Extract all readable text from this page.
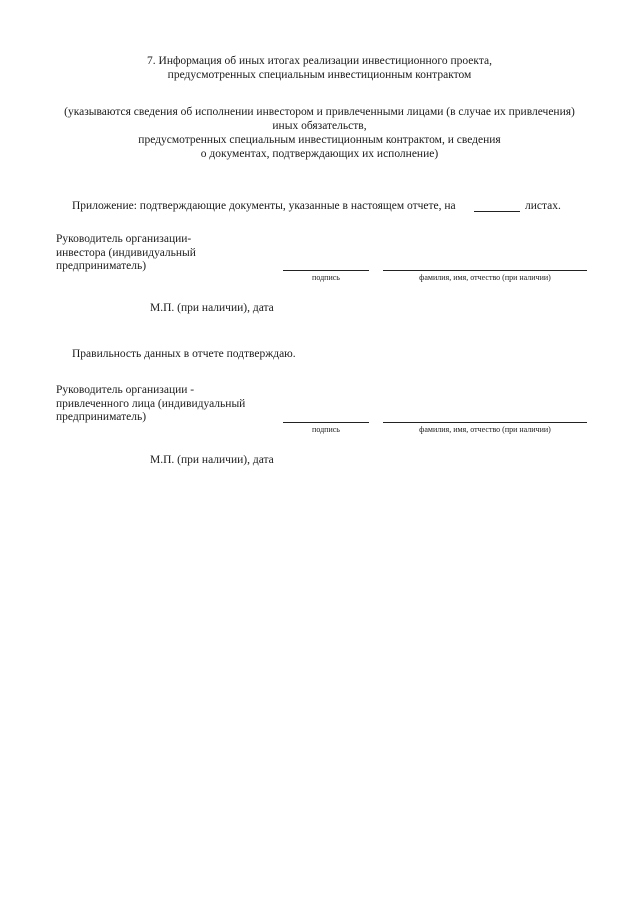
7. Информация об иных итогах реализации инвестиционного проекта,
предусмотренных специальным инвестиционным контрактом
(указываются сведения об исполнении инвестором и привлеченными лицами (в случае их привлечения)
иных обязательств,
предусмотренных специальным инвестиционным контрактом, и сведения
о документах, подтверждающих их исполнение)
Приложение: подтверждающие документы, указанные в настоящем отчете, на	листах.
Руководитель организации-
инвестора (индивидуальный
предприниматель)
подпись	фамилия, имя, отчество (при наличии)
М.П. (при наличии), дата
Правильность данных в отчете подтверждаю.
Руководитель организации -
привлеченного лица (индивидуальный
предприниматель)
подпись	фамилия, имя, отчество (при наличии)
М.П. (при наличии), дата
